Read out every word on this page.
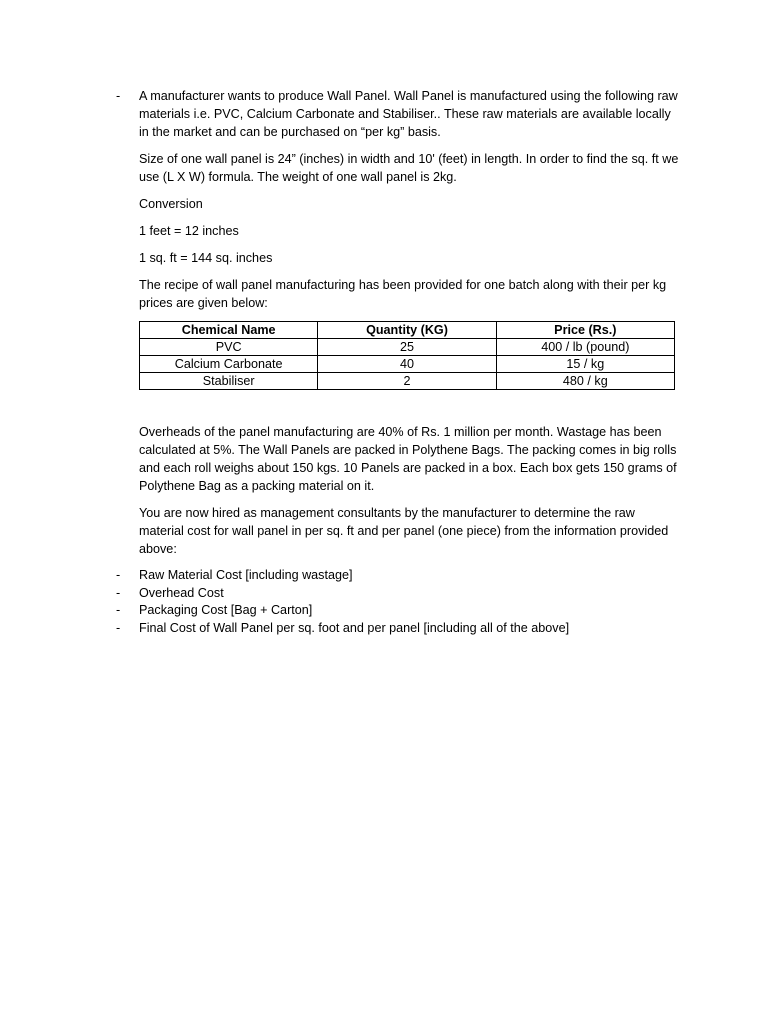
- A manufacturer wants to produce Wall Panel. Wall Panel is manufactured using the following raw materials i.e. PVC, Calcium Carbonate and Stabiliser.. These raw materials are available locally in the market and can be purchased on “per kg” basis.

Size of one wall panel is 24” (inches) in width and 10' (feet) in length. In order to find the sq. ft we use (L X W) formula. The weight of one wall panel is 2kg.

Conversion

1 feet = 12 inches

1 sq. ft = 144 sq. inches

The recipe of wall panel manufacturing has been provided for one batch along with their per kg prices are given below:

Chemical Name	Quantity (KG)	Price (Rs.)
PVC	25	400 / lb (pound)
Calcium Carbonate	40	15 / kg
Stabiliser	2	480 / kg

Overheads of the panel manufacturing are 40% of Rs. 1 million per month. Wastage has been calculated at 5%. The Wall Panels are packed in Polythene Bags. The packing comes in big rolls and each roll weighs about 150 kgs. 10 Panels are packed in a box. Each box gets 150 grams of Polythene Bag as a packing material on it.

You are now hired as management consultants by the manufacturer to determine the raw material cost for wall panel in per sq. ft and per panel (one piece) from the information provided above:

- Raw Material Cost [including wastage]
- Overhead Cost
- Packaging Cost [Bag + Carton]
- Final Cost of Wall Panel per sq. foot and per panel [including all of the above]
